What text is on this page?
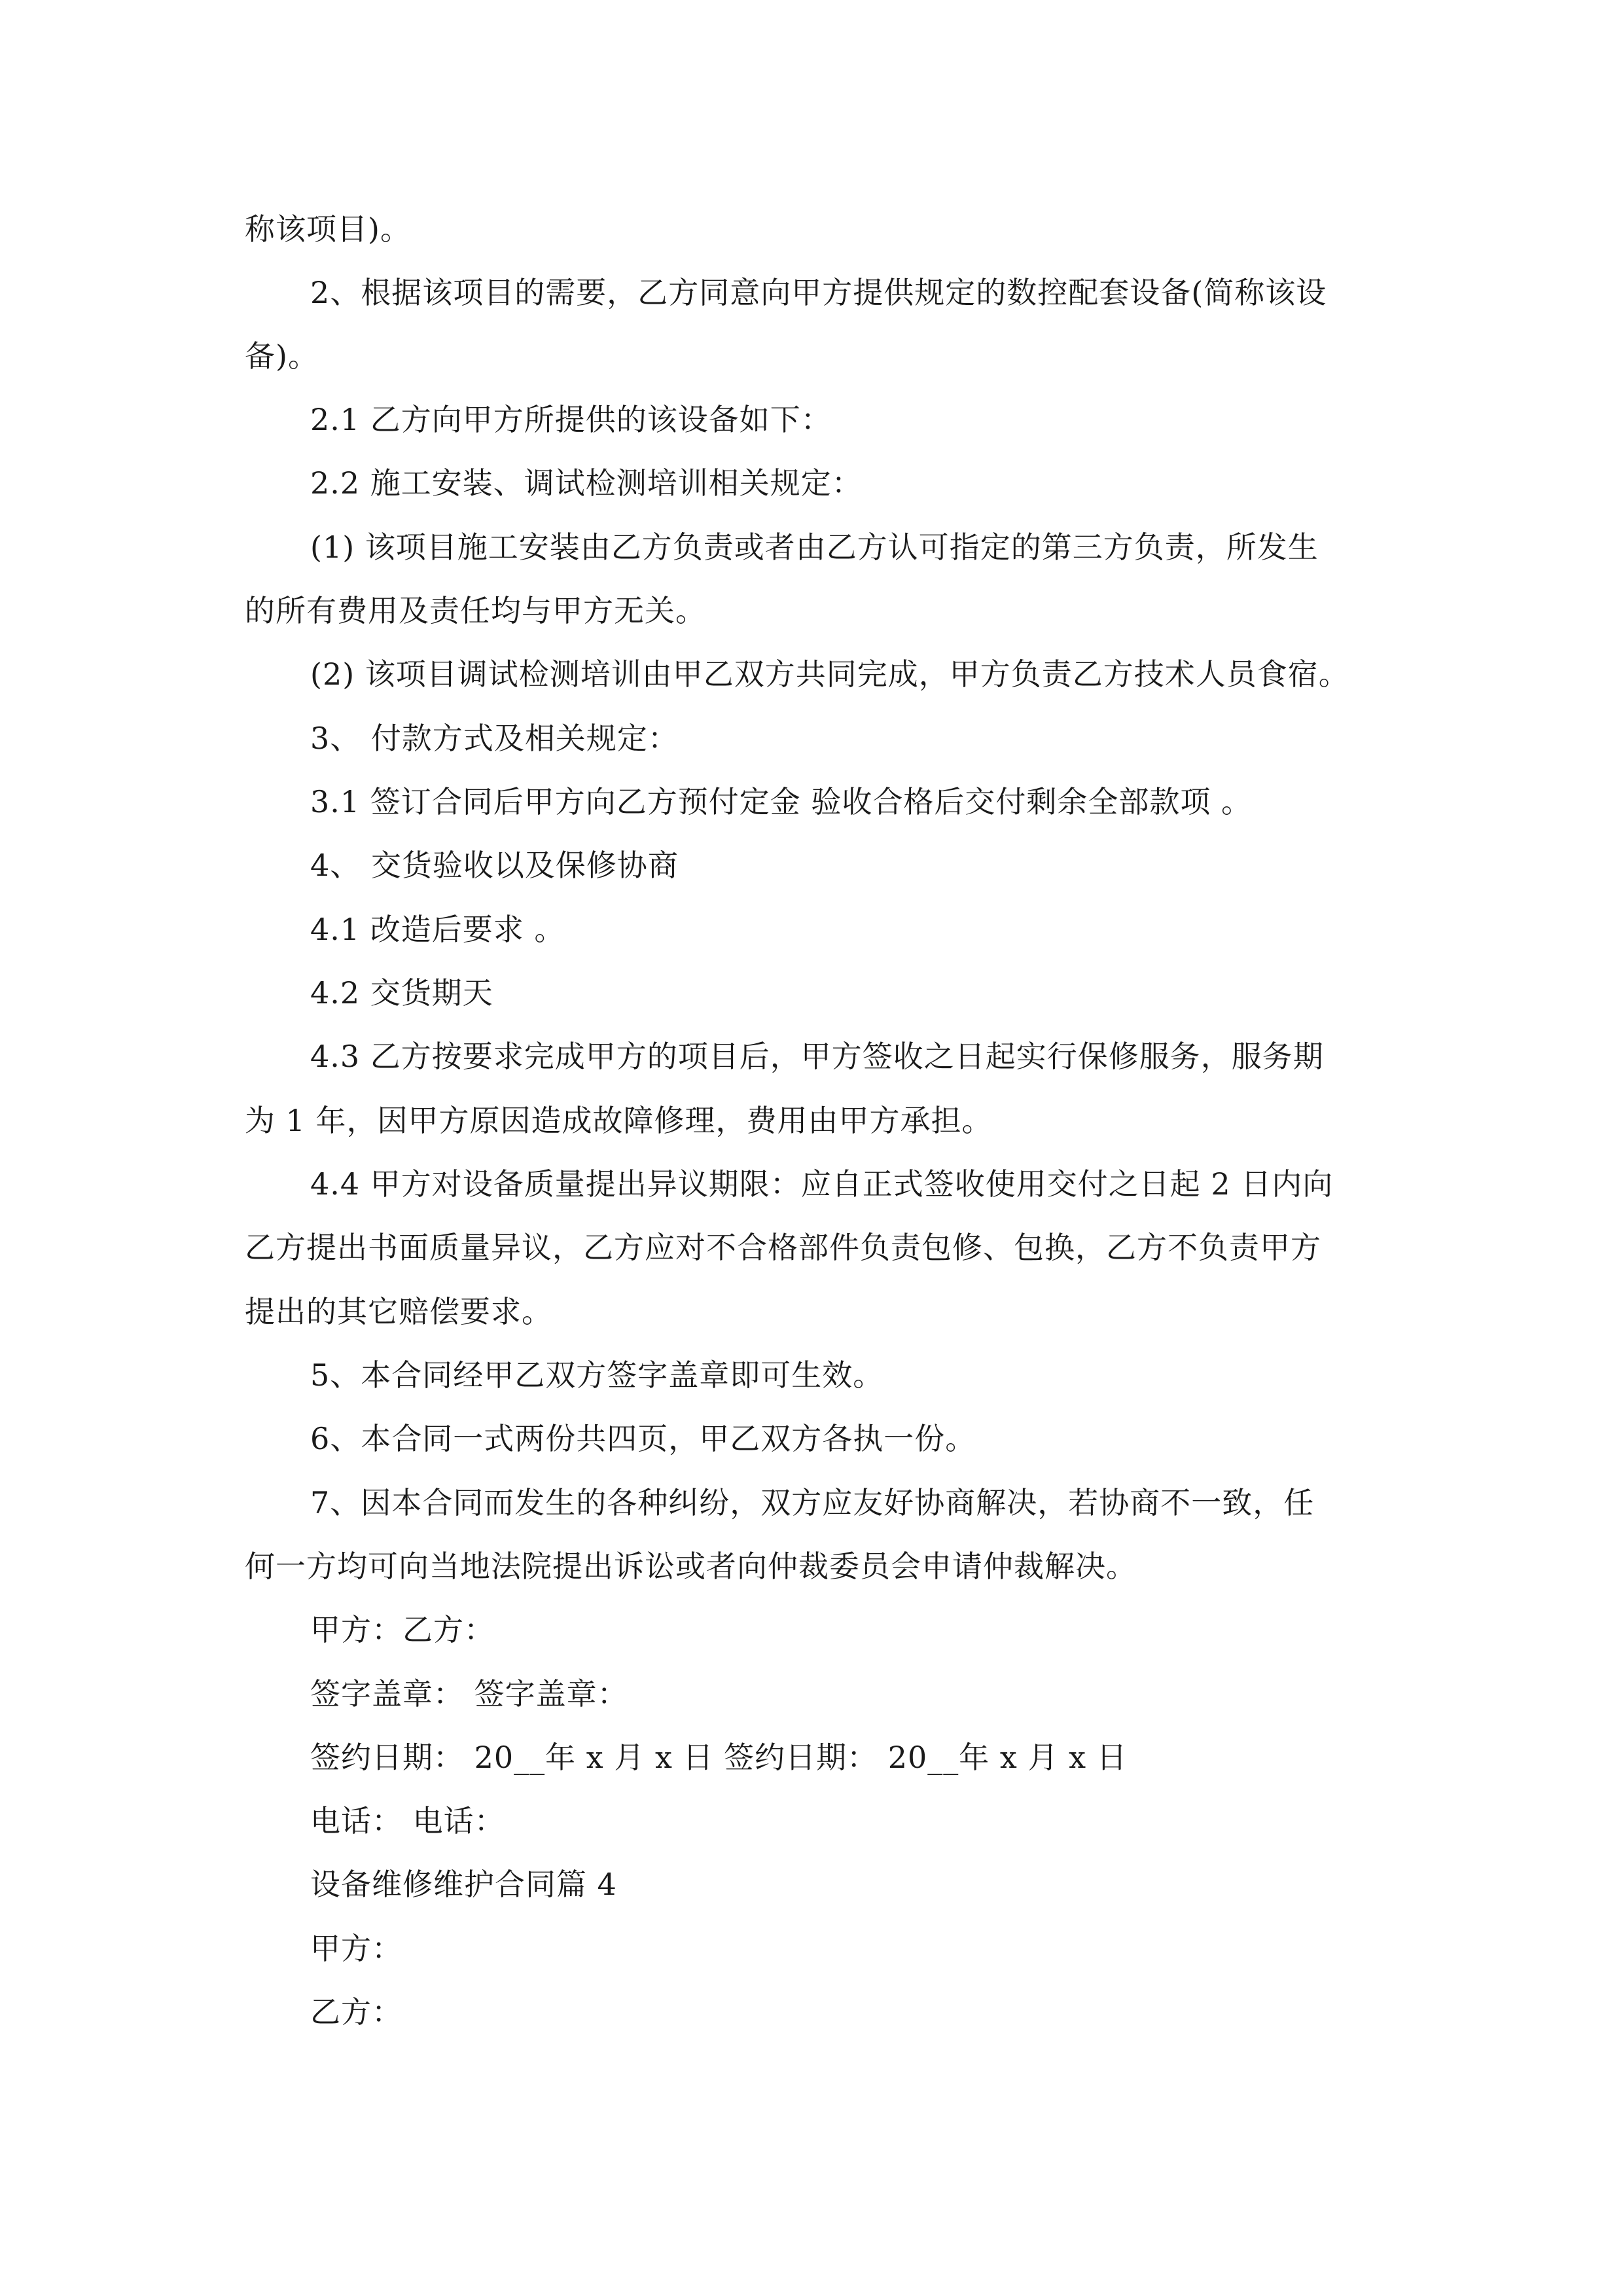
称该项目)。
2、根据该项目的需要，乙方同意向甲方提供规定的数控配套设备(简称该设
备)。
2.1 乙方向甲方所提供的该设备如下：
2.2 施工安装、调试检测培训相关规定：
(1) 该项目施工安装由乙方负责或者由乙方认可指定的第三方负责，所发生
的所有费用及责任均与甲方无关。
(2) 该项目调试检测培训由甲乙双方共同完成，甲方负责乙方技术人员食宿。
3、 付款方式及相关规定：
3.1 签订合同后甲方向乙方预付定金 验收合格后交付剩余全部款项 。
4、 交货验收以及保修协商
4.1 改造后要求 。
4.2 交货期天
4.3 乙方按要求完成甲方的项目后，甲方签收之日起实行保修服务，服务期
为 1 年，因甲方原因造成故障修理，费用由甲方承担。
4.4 甲方对设备质量提出异议期限：应自正式签收使用交付之日起 2 日内向
乙方提出书面质量异议，乙方应对不合格部件负责包修、包换，乙方不负责甲方
提出的其它赔偿要求。
5、本合同经甲乙双方签字盖章即可生效。
6、本合同一式两份共四页，甲乙双方各执一份。
7、因本合同而发生的各种纠纷，双方应友好协商解决，若协商不一致，任
何一方均可向当地法院提出诉讼或者向仲裁委员会申请仲裁解决。
甲方：乙方：
签字盖章： 签字盖章：
签约日期： 20__年 x 月 x 日 签约日期： 20__年 x 月 x 日
电话： 电话：
设备维修维护合同篇 4
甲方：
乙方：
